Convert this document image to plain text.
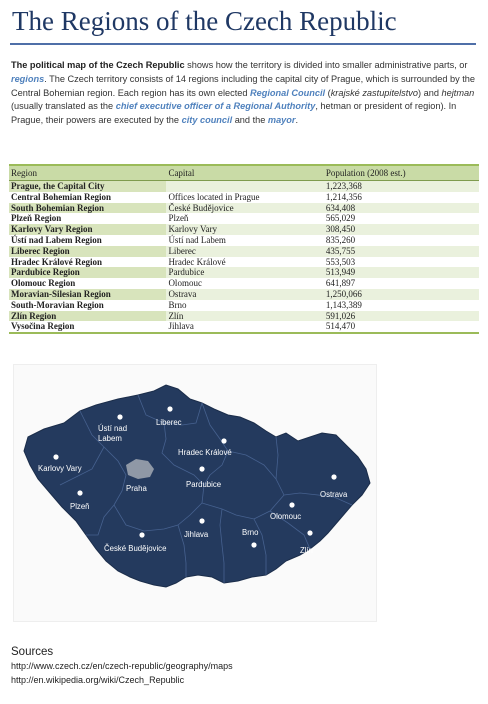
The Regions of the Czech Republic
The political map of the Czech Republic shows how the territory is divided into smaller administrative parts, or regions. The Czech territory consists of 14 regions including the capital city of Prague, which is surrounded by the Central Bohemian region. Each region has its own elected Regional Council (krajské zastupitelstvo) and hejtman (usually translated as the chief executive officer of a Regional Authority, hetman or president of region). In Prague, their powers are executed by the city council and the mayor.
Region	Capital	Population (2008 est.)
Prague, the Capital City		1,223,368
Central Bohemian Region	Offices located in Prague	1,214,356
South Bohemian Region	České Budějovice	634,408
Plzeň Region	Plzeň	565,029
Karlovy Vary Region	Karlovy Vary	308,450
Ústí nad Labem Region	Ústí nad Labem	835,260
Liberec Region	Liberec	435,755
Hradec Králové Region	Hradec Králové	553,503
Pardubice Region	Pardubice	513,949
Olomouc Region	Olomouc	641,897
Moravian-Silesian Region	Ostrava	1,250,066
South-Moravian Region	Brno	1,143,389
Zlín Region	Zlín	591,026
Vysočina Region	Jihlava	514,470
Ústí nad Labem
Liberec
Karlovy Vary
Praha
Hradec Králové
Pardubice
Plzeň
Ostrava
Olomouc
Jihlava	Brno
Zlín
České Budějovice
Sources
http://www.czech.cz/en/czech-republic/geography/maps
http://en.wikipedia.org/wiki/Czech_Republic
